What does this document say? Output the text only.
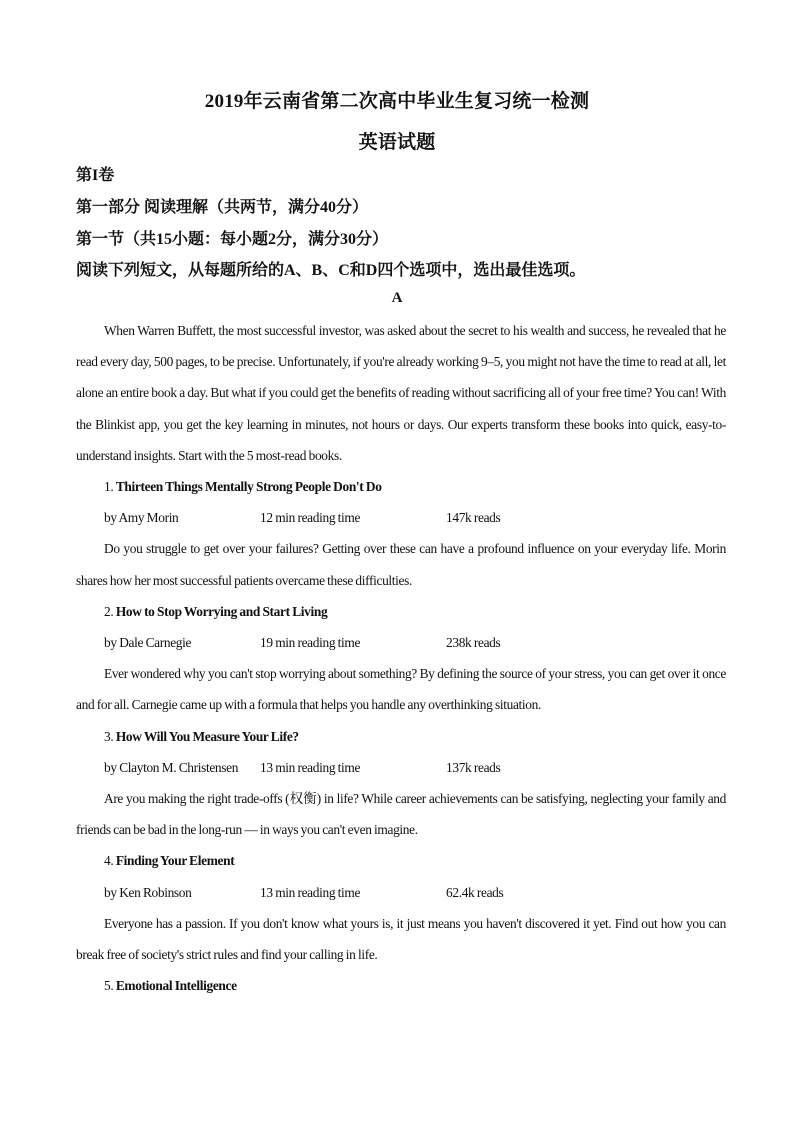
2019年云南省第二次高中毕业生复习统一检测
英语试题
第I卷
第一部分 阅读理解（共两节，满分40分）
第一节（共15小题：每小题2分，满分30分）
阅读下列短文，从每题所给的A、B、C和D四个选项中，选出最佳选项。
A

When Warren Buffett, the most successful investor, was asked about the secret to his wealth and success, he revealed that he read every day, 500 pages, to be precise. Unfortunately, if you're already working 9–5, you might not have the time to read at all, let alone an entire book a day. But what if you could get the benefits of reading without sacrificing all of your free time? You can! With the Blinkist app, you get the key learning in minutes, not hours or days. Our experts transform these books into quick, easy-to-understand insights. Start with the 5 most-read books.

1. Thirteen Things Mentally Strong People Don't Do

by Amy Morin	12 min reading time	147k reads

Do you struggle to get over your failures? Getting over these can have a profound influence on your everyday life. Morin shares how her most successful patients overcame these difficulties.

2. How to Stop Worrying and Start Living

by Dale Carnegie	19 min reading time	238k reads

Ever wondered why you can't stop worrying about something? By defining the source of your stress, you can get over it once and for all. Carnegie came up with a formula that helps you handle any overthinking situation.

3. How Will You Measure Your Life?

by Clayton M. Christensen 13 min reading time	137k reads

Are you making the right trade-offs (权衡) in life? While career achievements can be satisfying, neglecting your family and friends can be bad in the long-run — in ways you can't even imagine.

4. Finding Your Element

by Ken Robinson	13 min reading time	62.4k reads

Everyone has a passion. If you don't know what yours is, it just means you haven't discovered it yet. Find out how you can break free of society's strict rules and find your calling in life.

5. Emotional Intelligence
